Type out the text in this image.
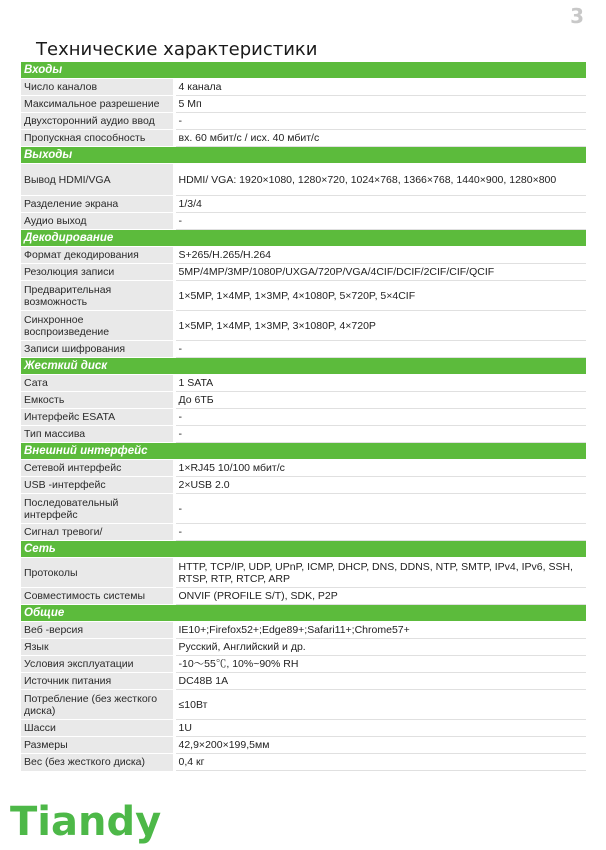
3
Технические характеристики
Входы	
Число каналов	4 канала
Максимальное разрешение	5 Мп
Двухсторонний аудио ввод	-
Пропускная способность	вх. 60 мбит/с / исх. 40 мбит/с
Выходы	
Вывод HDMI/VGA	HDMI/ VGA: 1920×1080, 1280×720, 1024×768, 1366×768, 1440×900, 1280×800
Разделение экрана	1/3/4
Аудио выход	-
Декодирование	
Формат декодирования	S+265/H.265/H.264
Резолюция записи	5MP/4MP/3MP/1080P/UXGA/720P/VGA/4CIF/DCIF/2CIF/CIF/QCIF
Предварительная возможность	1×5MP, 1×4MP, 1×3MP, 4×1080P, 5×720P, 5×4CIF
Синхронное воспроизведение	1×5MP, 1×4MP, 1×3MP, 3×1080P, 4×720P
Записи шифрования	-
Жесткий диск	
Сата	1 SATA
Емкость	До 6ТБ
Интерфейс ESATA	-
Тип массива	-
Внешний интерфейс	
Сетевой интерфейс	1×RJ45 10/100 мбит/с
USB -интерфейс	2×USB 2.0
Последовательный интерфейс	-
Сигнал тревоги/	-
Сеть	
Протоколы	HTTP, TCP/IP, UDP, UPnP, ICMP, DHCP, DNS, DDNS, NTP, SMTP, IPv4, IPv6, SSH, RTSP, RTP, RTCP, ARP
Совместимость системы	ONVIF (PROFILE S/T), SDK, P2P
Общие	
Веб -версия	IE10+;Firefox52+;Edge89+;Safari11+;Chrome57+
Язык	Русский, Английский и др.
Условия эксплуатации	-10～55℃, 10%~90% RH
Источник питания	DC48В 1А
Потребление (без жесткого диска)	≤10Вт
Шасси	1U
Размеры	42,9×200×199,5мм
Вес (без жесткого диска)	0,4 кг
Tiandy
